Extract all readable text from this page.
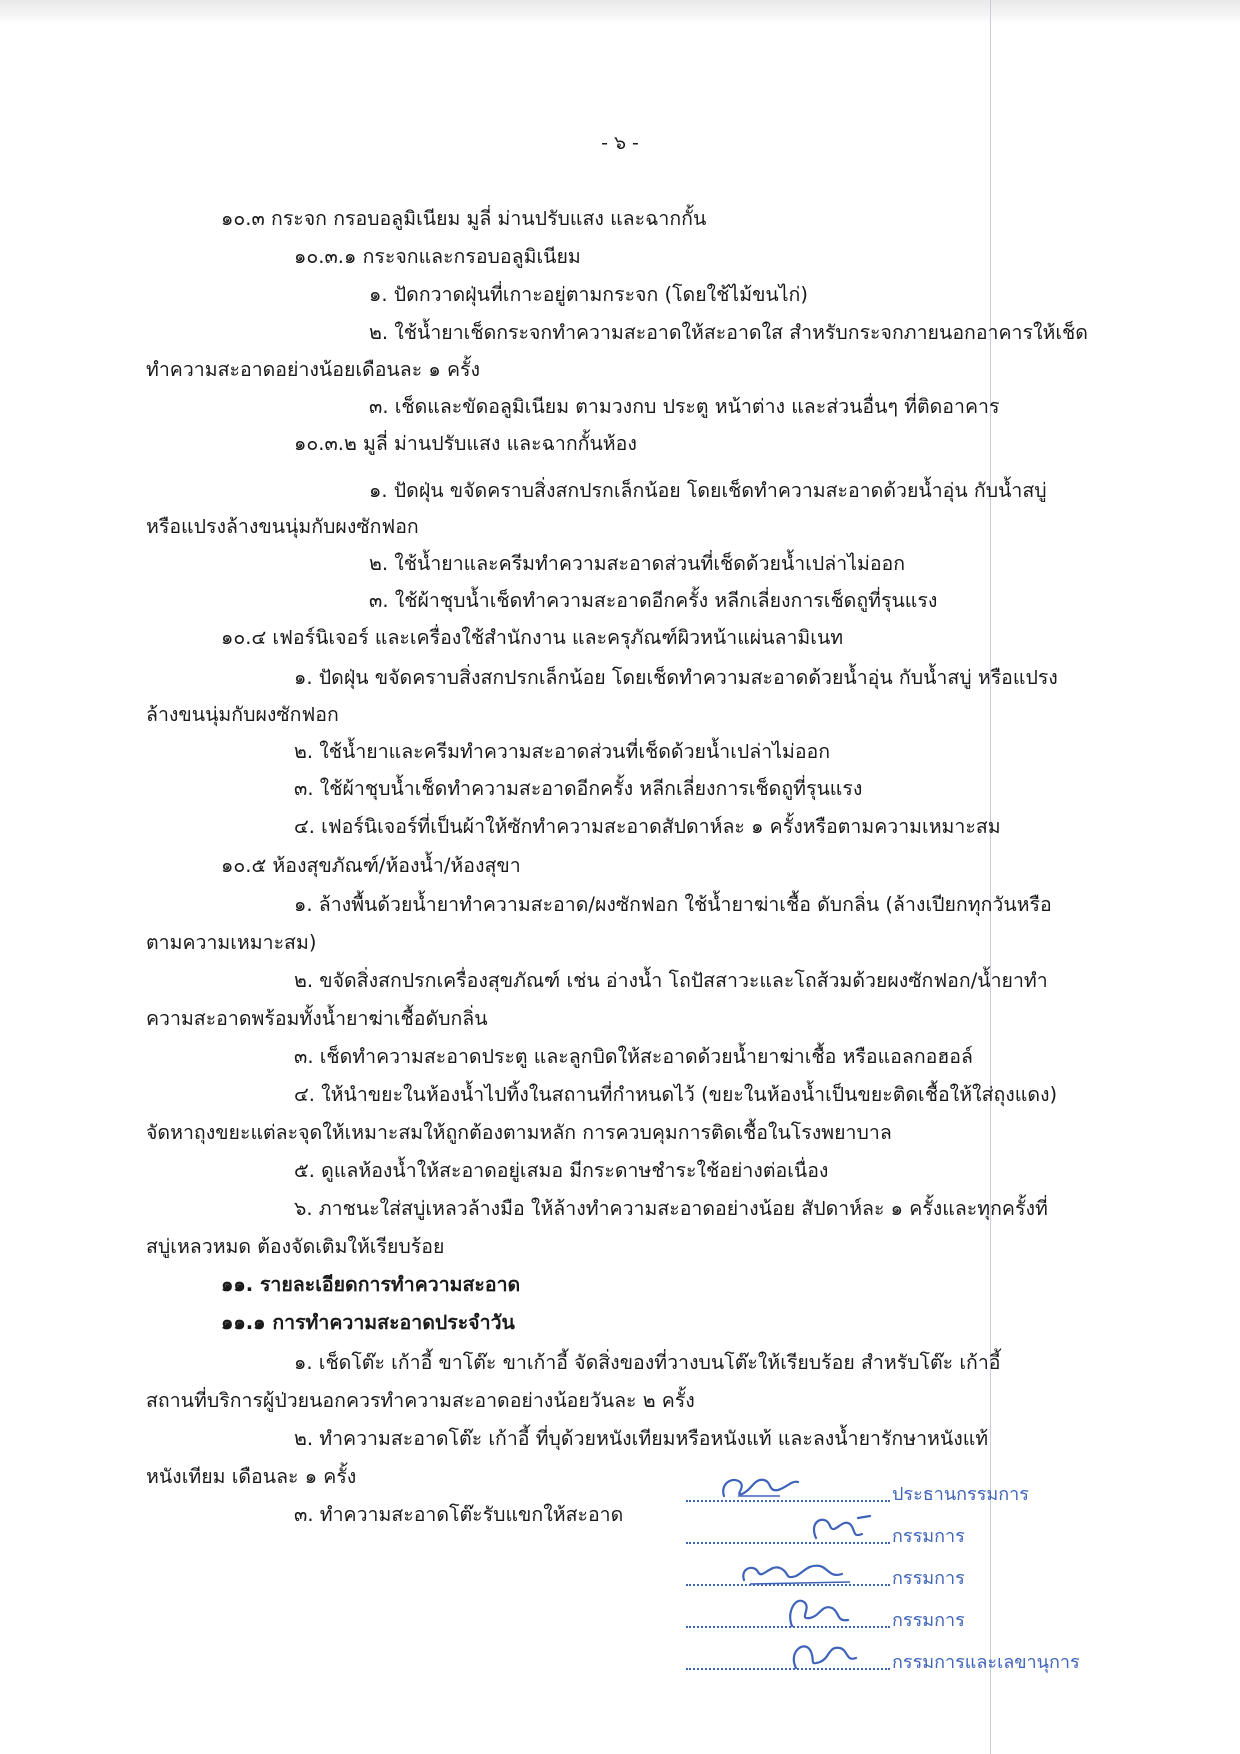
- ๖ -
๑๐.๓ กระจก กรอบอลูมิเนียม มูลี่ ม่านปรับแสง และฉากกั้น
๑๐.๓.๑ กระจกและกรอบอลูมิเนียม
๑. ปัดกวาดฝุ่นที่เกาะอยู่ตามกระจก (โดยใช้ไม้ขนไก่)
๒. ใช้น้ำยาเช็ดกระจกทำความสะอาดให้สะอาดใส สำหรับกระจกภายนอกอาคารให้เช็ด
ทำความสะอาดอย่างน้อยเดือนละ ๑ ครั้ง
๓. เช็ดและขัดอลูมิเนียม ตามวงกบ ประตู หน้าต่าง และส่วนอื่นๆ ที่ติดอาคาร
๑๐.๓.๒ มูลี่ ม่านปรับแสง และฉากกั้นห้อง
๑. ปัดฝุ่น ขจัดคราบสิ่งสกปรกเล็กน้อย โดยเช็ดทำความสะอาดด้วยน้ำอุ่น กับน้ำสบู่
หรือแปรงล้างขนนุ่มกับผงซักฟอก
๒. ใช้น้ำยาและครีมทำความสะอาดส่วนที่เช็ดด้วยน้ำเปล่าไม่ออก
๓. ใช้ผ้าชุบน้ำเช็ดทำความสะอาดอีกครั้ง หลีกเลี่ยงการเช็ดถูที่รุนแรง
๑๐.๔ เฟอร์นิเจอร์ และเครื่องใช้สำนักงาน และครุภัณฑ์ผิวหน้าแผ่นลามิเนท
๑. ปัดฝุ่น ขจัดคราบสิ่งสกปรกเล็กน้อย โดยเช็ดทำความสะอาดด้วยน้ำอุ่น กับน้ำสบู่ หรือแปรง
ล้างขนนุ่มกับผงซักฟอก
๒. ใช้น้ำยาและครีมทำความสะอาดส่วนที่เช็ดด้วยน้ำเปล่าไม่ออก
๓. ใช้ผ้าชุบน้ำเช็ดทำความสะอาดอีกครั้ง หลีกเลี่ยงการเช็ดถูที่รุนแรง
๔. เฟอร์นิเจอร์ที่เป็นผ้าให้ซักทำความสะอาดสัปดาห์ละ ๑ ครั้งหรือตามความเหมาะสม
๑๐.๕ ห้องสุขภัณฑ์/ห้องน้ำ/ห้องสุขา
๑. ล้างพื้นด้วยน้ำยาทำความสะอาด/ผงซักฟอก ใช้น้ำยาฆ่าเชื้อ ดับกลิ่น (ล้างเปียกทุกวันหรือ
ตามความเหมาะสม)
๒. ขจัดสิ่งสกปรกเครื่องสุขภัณฑ์ เช่น อ่างน้ำ โถปัสสาวะและโถส้วมด้วยผงซักฟอก/น้ำยาทำ
ความสะอาดพร้อมทั้งน้ำยาฆ่าเชื้อดับกลิ่น
๓. เช็ดทำความสะอาดประตู และลูกบิดให้สะอาดด้วยน้ำยาฆ่าเชื้อ หรือแอลกอฮอล์
๔. ให้นำขยะในห้องน้ำไปทิ้งในสถานที่กำหนดไว้ (ขยะในห้องน้ำเป็นขยะติดเชื้อให้ใส่ถุงแดง)
จัดหาถุงขยะแต่ละจุดให้เหมาะสมให้ถูกต้องตามหลัก การควบคุมการติดเชื้อในโรงพยาบาล
๕. ดูแลห้องน้ำให้สะอาดอยู่เสมอ มีกระดาษชำระใช้อย่างต่อเนื่อง
๖. ภาชนะใส่สบู่เหลวล้างมือ ให้ล้างทำความสะอาดอย่างน้อย สัปดาห์ละ ๑ ครั้งและทุกครั้งที่
สบู่เหลวหมด ต้องจัดเติมให้เรียบร้อย
๑๑. รายละเอียดการทำความสะอาด
๑๑.๑ การทำความสะอาดประจำวัน
๑. เช็ดโต๊ะ เก้าอี้ ขาโต๊ะ ขาเก้าอี้ จัดสิ่งของที่วางบนโต๊ะให้เรียบร้อย สำหรับโต๊ะ เก้าอี้
สถานที่บริการผู้ป่วยนอกควรทำความสะอาดอย่างน้อยวันละ ๒ ครั้ง
๒. ทำความสะอาดโต๊ะ เก้าอี้ ที่บุด้วยหนังเทียมหรือหนังแท้ และลงน้ำยารักษาหนังแท้
หนังเทียม เดือนละ ๑ ครั้ง
๓. ทำความสะอาดโต๊ะรับแขกให้สะอาด
ประธานกรรมการ
กรรมการ
กรรมการ
กรรมการ
กรรมการและเลขานุการ
